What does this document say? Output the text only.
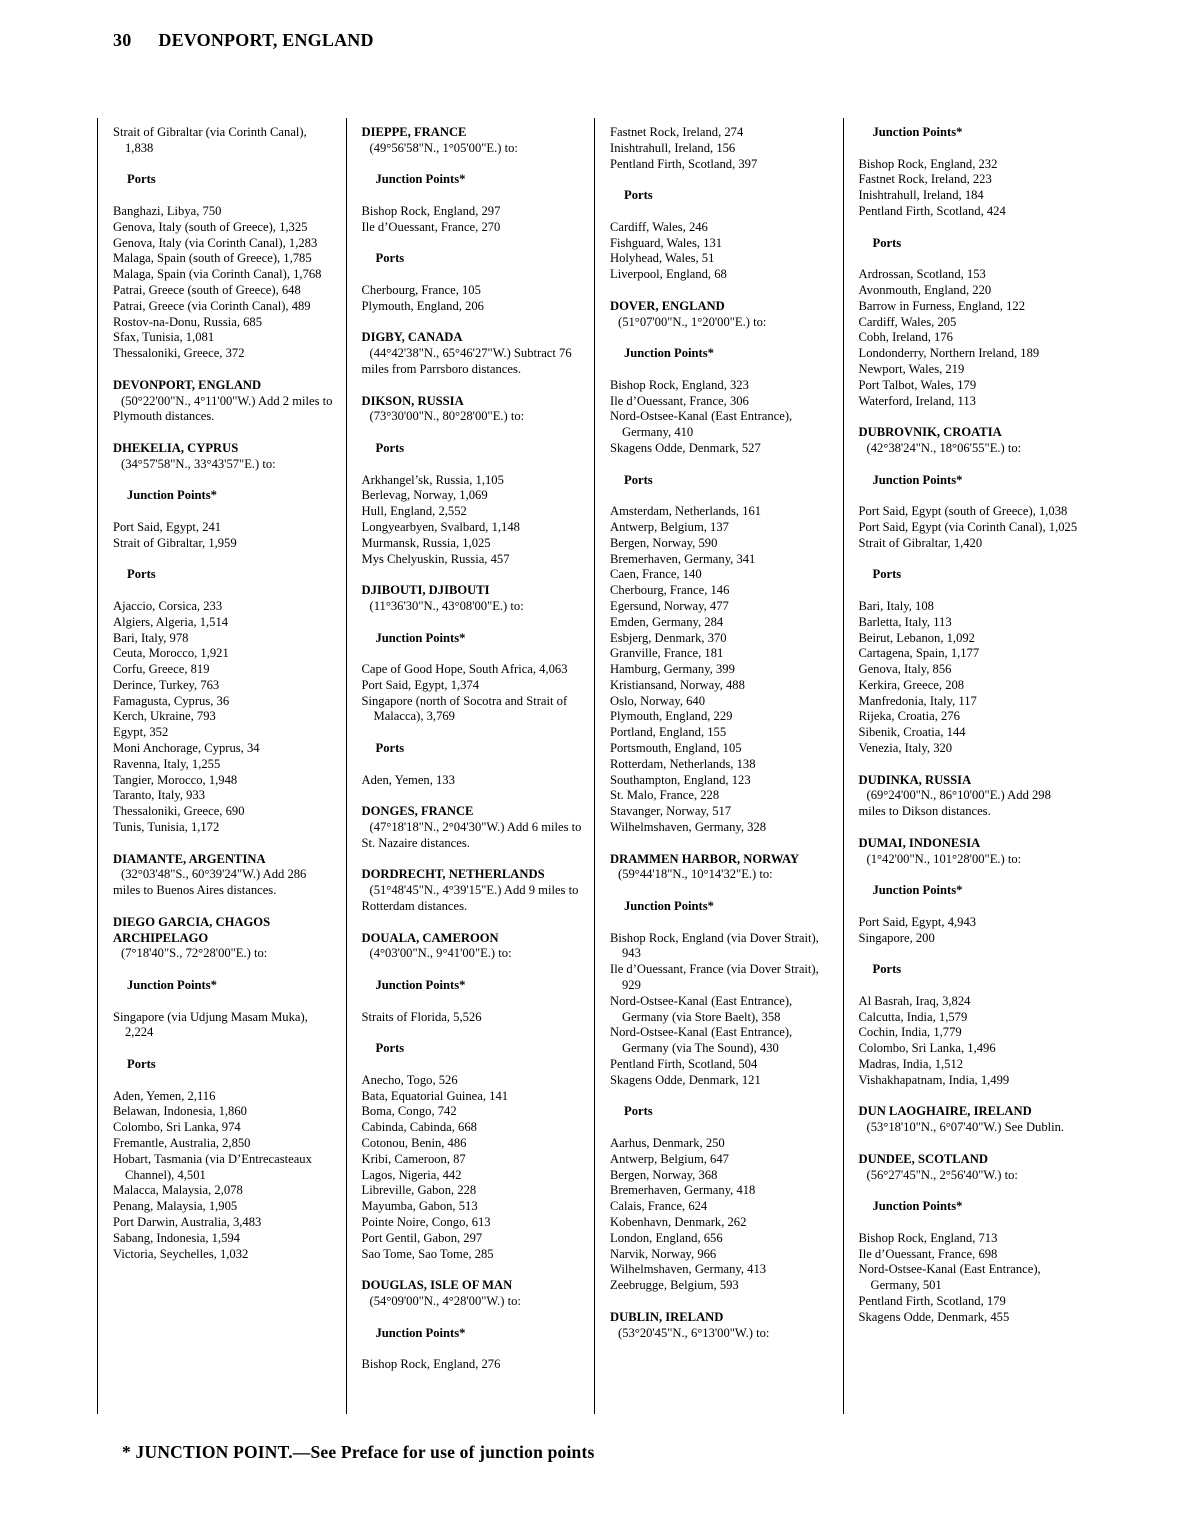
30 DEVONPORT, ENGLAND
Strait of Gibraltar (via Corinth Canal), 1,838
Ports
Banghazi, Libya, 750
Genova, Italy (south of Greece), 1,325
Genova, Italy (via Corinth Canal), 1,283
Malaga, Spain (south of Greece), 1,785
Malaga, Spain (via Corinth Canal), 1,768
Patrai, Greece (south of Greece), 648
Patrai, Greece (via Corinth Canal), 489
Rostov-na-Donu, Russia, 685
Sfax, Tunisia, 1,081
Thessaloniki, Greece, 372
DEVONPORT, ENGLAND
(50°22'00"N., 4°11'00"W.) Add 2 miles to Plymouth distances.
DHEKELIA, CYPRUS
(34°57'58"N., 33°43'57"E.) to:
Junction Points*
Port Said, Egypt, 241
Strait of Gibraltar, 1,959
Ports
Ajaccio, Corsica, 233
Algiers, Algeria, 1,514
Bari, Italy, 978
Ceuta, Morocco, 1,921
Corfu, Greece, 819
Derince, Turkey, 763
Famagusta, Cyprus, 36
Kerch, Ukraine, 793
Egypt, 352
Moni Anchorage, Cyprus, 34
Ravenna, Italy, 1,255
Tangier, Morocco, 1,948
Taranto, Italy, 933
Thessaloniki, Greece, 690
Tunis, Tunisia, 1,172
DIAMANTE, ARGENTINA
(32°03'48"S., 60°39'24"W.) Add 286 miles to Buenos Aires distances.
DIEGO GARCIA, CHAGOS ARCHIPELAGO
(7°18'40"S., 72°28'00"E.) to:
Junction Points*
Singapore (via Udjung Masam Muka), 2,224
Ports
Aden, Yemen, 2,116
Belawan, Indonesia, 1,860
Colombo, Sri Lanka, 974
Fremantle, Australia, 2,850
Hobart, Tasmania (via D’Entrecasteaux Channel), 4,501
Malacca, Malaysia, 2,078
Penang, Malaysia, 1,905
Port Darwin, Australia, 3,483
Sabang, Indonesia, 1,594
Victoria, Seychelles, 1,032
DIEPPE, FRANCE
(49°56'58"N., 1°05'00"E.) to:
Junction Points*
Bishop Rock, England, 297
Ile d’Ouessant, France, 270
Ports
Cherbourg, France, 105
Plymouth, England, 206
DIGBY, CANADA
(44°42'38"N., 65°46'27"W.) Subtract 76 miles from Parrsboro distances.
DIKSON, RUSSIA
(73°30'00"N., 80°28'00"E.) to:
Ports
Arkhangel’sk, Russia, 1,105
Berlevag, Norway, 1,069
Hull, England, 2,552
Longyearbyen, Svalbard, 1,148
Murmansk, Russia, 1,025
Mys Chelyuskin, Russia, 457
DJIBOUTI, DJIBOUTI
(11°36'30"N., 43°08'00"E.) to:
Junction Points*
Cape of Good Hope, South Africa, 4,063
Port Said, Egypt, 1,374
Singapore (north of Socotra and Strait of Malacca), 3,769
Ports
Aden, Yemen, 133
DONGES, FRANCE
(47°18'18"N., 2°04'30"W.) Add 6 miles to St. Nazaire distances.
DORDRECHT, NETHERLANDS
(51°48'45"N., 4°39'15"E.) Add 9 miles to Rotterdam distances.
DOUALA, CAMEROON
(4°03'00"N., 9°41'00"E.) to:
Junction Points*
Straits of Florida, 5,526
Ports
Anecho, Togo, 526
Bata, Equatorial Guinea, 141
Boma, Congo, 742
Cabinda, Cabinda, 668
Cotonou, Benin, 486
Kribi, Cameroon, 87
Lagos, Nigeria, 442
Libreville, Gabon, 228
Mayumba, Gabon, 513
Pointe Noire, Congo, 613
Port Gentil, Gabon, 297
Sao Tome, Sao Tome, 285
DOUGLAS, ISLE OF MAN
(54°09'00"N., 4°28'00"W.) to:
Junction Points*
Bishop Rock, England, 276
Fastnet Rock, Ireland, 274
Inishtrahull, Ireland, 156
Pentland Firth, Scotland, 397
Ports
Cardiff, Wales, 246
Fishguard, Wales, 131
Holyhead, Wales, 51
Liverpool, England, 68
DOVER, ENGLAND
(51°07'00"N., 1°20'00"E.) to:
Junction Points*
Bishop Rock, England, 323
Ile d’Ouessant, France, 306
Nord-Ostsee-Kanal (East Entrance), Germany, 410
Skagens Odde, Denmark, 527
Ports
Amsterdam, Netherlands, 161
Antwerp, Belgium, 137
Bergen, Norway, 590
Bremerhaven, Germany, 341
Caen, France, 140
Cherbourg, France, 146
Egersund, Norway, 477
Emden, Germany, 284
Esbjerg, Denmark, 370
Granville, France, 181
Hamburg, Germany, 399
Kristiansand, Norway, 488
Oslo, Norway, 640
Plymouth, England, 229
Portland, England, 155
Portsmouth, England, 105
Rotterdam, Netherlands, 138
Southampton, England, 123
St. Malo, France, 228
Stavanger, Norway, 517
Wilhelmshaven, Germany, 328
DRAMMEN HARBOR, NORWAY
(59°44'18"N., 10°14'32"E.) to:
Junction Points*
Bishop Rock, England (via Dover Strait), 943
Ile d’Ouessant, France (via Dover Strait), 929
Nord-Ostsee-Kanal (East Entrance), Germany (via Store Baelt), 358
Nord-Ostsee-Kanal (East Entrance), Germany (via The Sound), 430
Pentland Firth, Scotland, 504
Skagens Odde, Denmark, 121
Ports
Aarhus, Denmark, 250
Antwerp, Belgium, 647
Bergen, Norway, 368
Bremerhaven, Germany, 418
Calais, France, 624
Kobenhavn, Denmark, 262
London, England, 656
Narvik, Norway, 966
Wilhelmshaven, Germany, 413
Zeebrugge, Belgium, 593
DUBLIN, IRELAND
(53°20'45"N., 6°13'00"W.) to:
Junction Points*
Bishop Rock, England, 232
Fastnet Rock, Ireland, 223
Inishtrahull, Ireland, 184
Pentland Firth, Scotland, 424
Ports
Ardrossan, Scotland, 153
Avonmouth, England, 220
Barrow in Furness, England, 122
Cardiff, Wales, 205
Cobh, Ireland, 176
Londonderry, Northern Ireland, 189
Newport, Wales, 219
Port Talbot, Wales, 179
Waterford, Ireland, 113
DUBROVNIK, CROATIA
(42°38'24"N., 18°06'55"E.) to:
Junction Points*
Port Said, Egypt (south of Greece), 1,038
Port Said, Egypt (via Corinth Canal), 1,025
Strait of Gibraltar, 1,420
Ports
Bari, Italy, 108
Barletta, Italy, 113
Beirut, Lebanon, 1,092
Cartagena, Spain, 1,177
Genova, Italy, 856
Kerkira, Greece, 208
Manfredonia, Italy, 117
Rijeka, Croatia, 276
Sibenik, Croatia, 144
Venezia, Italy, 320
DUDINKA, RUSSIA
(69°24'00"N., 86°10'00"E.) Add 298 miles to Dikson distances.
DUMAI, INDONESIA
(1°42'00"N., 101°28'00"E.) to:
Junction Points*
Port Said, Egypt, 4,943
Singapore, 200
Ports
Al Basrah, Iraq, 3,824
Calcutta, India, 1,579
Cochin, India, 1,779
Colombo, Sri Lanka, 1,496
Madras, India, 1,512
Vishakhapatnam, India, 1,499
DUN LAOGHAIRE, IRELAND
(53°18'10"N., 6°07'40"W.) See Dublin.
DUNDEE, SCOTLAND
(56°27'45"N., 2°56'40"W.) to:
Junction Points*
Bishop Rock, England, 713
Ile d’Ouessant, France, 698
Nord-Ostsee-Kanal (East Entrance), Germany, 501
Pentland Firth, Scotland, 179
Skagens Odde, Denmark, 455
* JUNCTION POINT.—See Preface for use of junction points
